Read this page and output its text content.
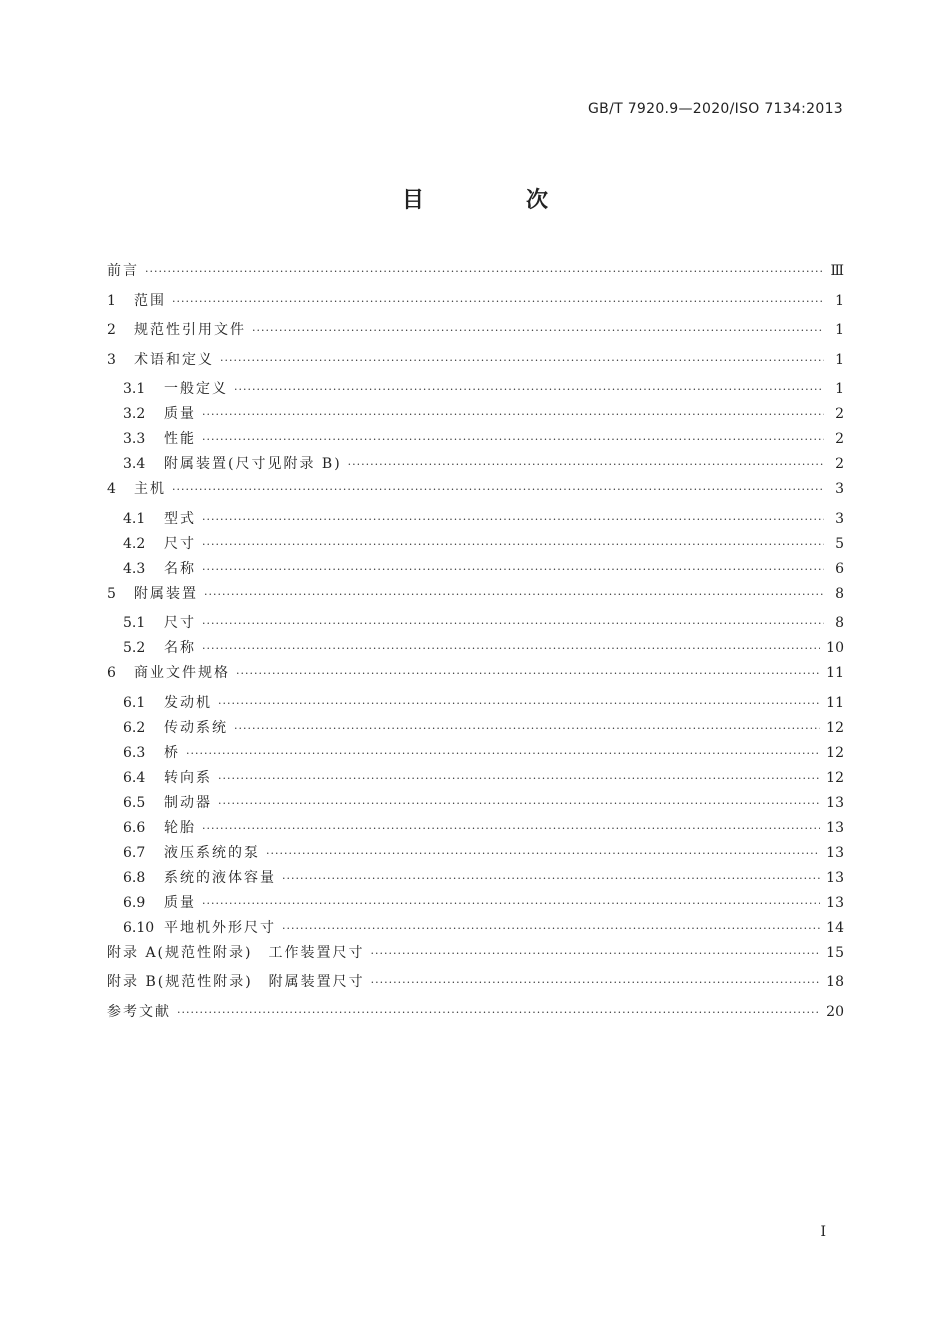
GB/T 7920.9—2020/ISO 7134:2013
目　次
前言 ·····	Ⅲ
1	范围 ·····	1
2	规范性引用文件 ·····	1
3	术语和定义 ·····	1
3.1	一般定义 ·····	1
3.2	质量 ·····	2
3.3	性能 ·····	2
3.4	附属装置(尺寸见附录 B) ·····	2
4	主机 ·····	3
4.1	型式 ·····	3
4.2	尺寸 ·····	5
4.3	名称 ·····	6
5	附属装置 ·····	8
5.1	尺寸 ·····	8
5.2	名称 ·····	10
6	商业文件规格 ·····	11
6.1	发动机 ·····	11
6.2	传动系统 ·····	12
6.3	桥 ·····	12
6.4	转向系 ·····	12
6.5	制动器 ·····	13
6.6	轮胎 ·····	13
6.7	液压系统的泵 ·····	13
6.8	系统的液体容量 ·····	13
6.9	质量 ·····	13
6.10 平地机外形尺寸 ·····	14
附录 A(规范性附录)　工作装置尺寸 ·····	15
附录 B(规范性附录)　附属装置尺寸 ·····	18
参考文献 ·····	20
I
